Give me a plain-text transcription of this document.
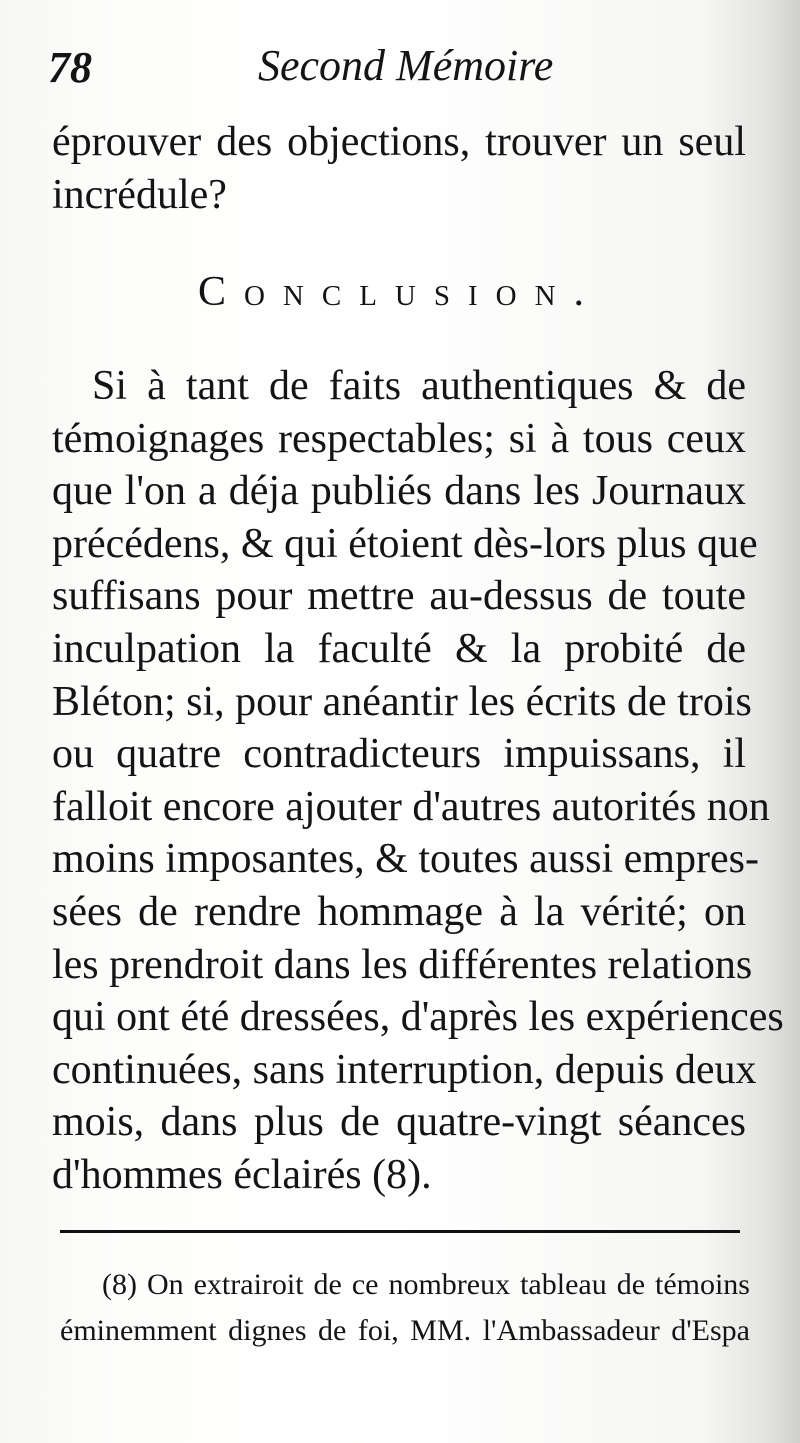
78	Second Mémoire
éprouver des objections, trouver un seul
incrédule?
Conclusion.
Si à tant de faits authentiques & de
témoignages respectables; si à tous ceux
que l'on a déja publiés dans les Journaux
précédens, & qui étoient dès-lors plus que
suffisans pour mettre au-dessus de toute
inculpation la faculté & la probité de
Bléton; si, pour anéantir les écrits de trois
ou quatre contradicteurs impuissans, il
falloit encore ajouter d'autres autorités non
moins imposantes, & toutes aussi empres-
sées de rendre hommage à la vérité; on
les prendroit dans les différentes relations
qui ont été dressées, d'après les expériences
continuées, sans interruption, depuis deux
mois, dans plus de quatre-vingt séances
d'hommes éclairés (8).
(8) On extrairoit de ce nombreux tableau de témoins
éminemment dignes de foi, MM. l'Ambassadeur d'Espa
